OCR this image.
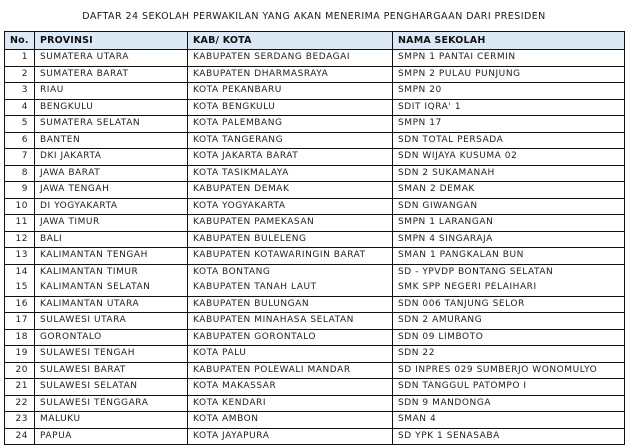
DAFTAR 24 SEKOLAH PERWAKILAN YANG AKAN MENERIMA PENGHARGAAN DARI PRESIDEN
No.	PROVINSI	KAB/ KOTA	NAMA SEKOLAH
1	SUMATERA UTARA	KABUPATEN SERDANG BEDAGAI	SMPN 1 PANTAI CERMIN
2	SUMATERA BARAT	KABUPATEN DHARMASRAYA	SMPN 2 PULAU PUNJUNG
3	RIAU	KOTA PEKANBARU	SMPN 20
4	BENGKULU	KOTA BENGKULU	SDIT IQRA' 1
5	SUMATERA SELATAN	KOTA PALEMBANG	SMPN 17
6	BANTEN	KOTA TANGERANG	SDN TOTAL PERSADA
7	DKI JAKARTA	KOTA JAKARTA BARAT	SDN WIJAYA KUSUMA 02
8	JAWA BARAT	KOTA TASIKMALAYA	SDN 2 SUKAMANAH
9	JAWA TENGAH	KABUPATEN DEMAK	SMAN 2 DEMAK
10	DI YOGYAKARTA	KOTA YOGYAKARTA	SDN GIWANGAN
11	JAWA TIMUR	KABUPATEN PAMEKASAN	SMPN 1 LARANGAN
12	BALI	KABUPATEN BULELENG	SMPN 4 SINGARAJA
13	KALIMANTAN TENGAH	KABUPATEN KOTAWARINGIN BARAT	SMAN 1 PANGKALAN BUN
14	KALIMANTAN TIMUR	KOTA BONTANG	SD - YPVDP BONTANG SELATAN
15	KALIMANTAN SELATAN	KABUPATEN TANAH LAUT	SMK SPP NEGERI PELAIHARI
16	KALIMANTAN UTARA	KABUPATEN BULUNGAN	SDN 006 TANJUNG SELOR
17	SULAWESI UTARA	KABUPATEN MINAHASA SELATAN	SDN 2 AMURANG
18	GORONTALO	KABUPATEN GORONTALO	SDN 09 LIMBOTO
19	SULAWESI TENGAH	KOTA PALU	SDN 22
20	SULAWESI BARAT	KABUPATEN POLEWALI MANDAR	SD INPRES 029 SUMBERJO WONOMULYO
21	SULAWESI SELATAN	KOTA MAKASSAR	SDN TANGGUL PATOMPO I
22	SULAWESI TENGGARA	KOTA KENDARI	SDN 9 MANDONGA
23	MALUKU	KOTA AMBON	SMAN 4
24	PAPUA	KOTA JAYAPURA	SD YPK 1 SENASABA
